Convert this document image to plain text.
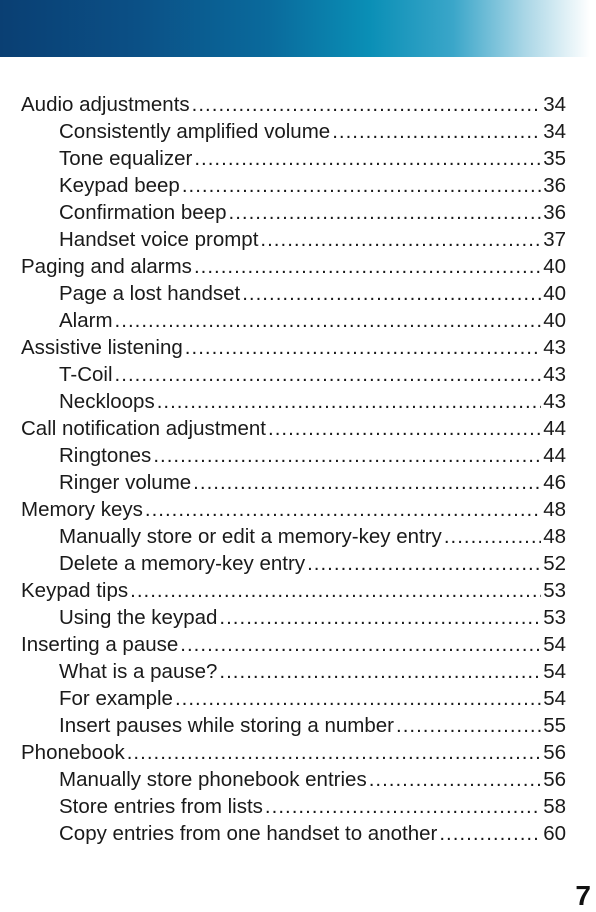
Audio adjustments .....	34
Consistently amplified volume .....	34
Tone equalizer .....	35
Keypad beep .....	36
Confirmation beep .....	36
Handset voice prompt .....	37
Paging and alarms .....	40
Page a lost handset .....	40
Alarm .....	40
Assistive listening .....	43
T-Coil .....	43
Neckloops .....	43
Call notification adjustment .....	44
Ringtones .....	44
Ringer volume .....	46
Memory keys .....	48
Manually store or edit a memory-key entry .....	48
Delete a memory-key entry .....	52
Keypad tips .....	53
Using the keypad .....	53
Inserting a pause .....	54
What is a pause? .....	54
For example .....	54
Insert pauses while storing a number .....	55
Phonebook .....	56
Manually store phonebook entries .....	56
Store entries from lists .....	58
Copy entries from one handset to another .....	60
7
